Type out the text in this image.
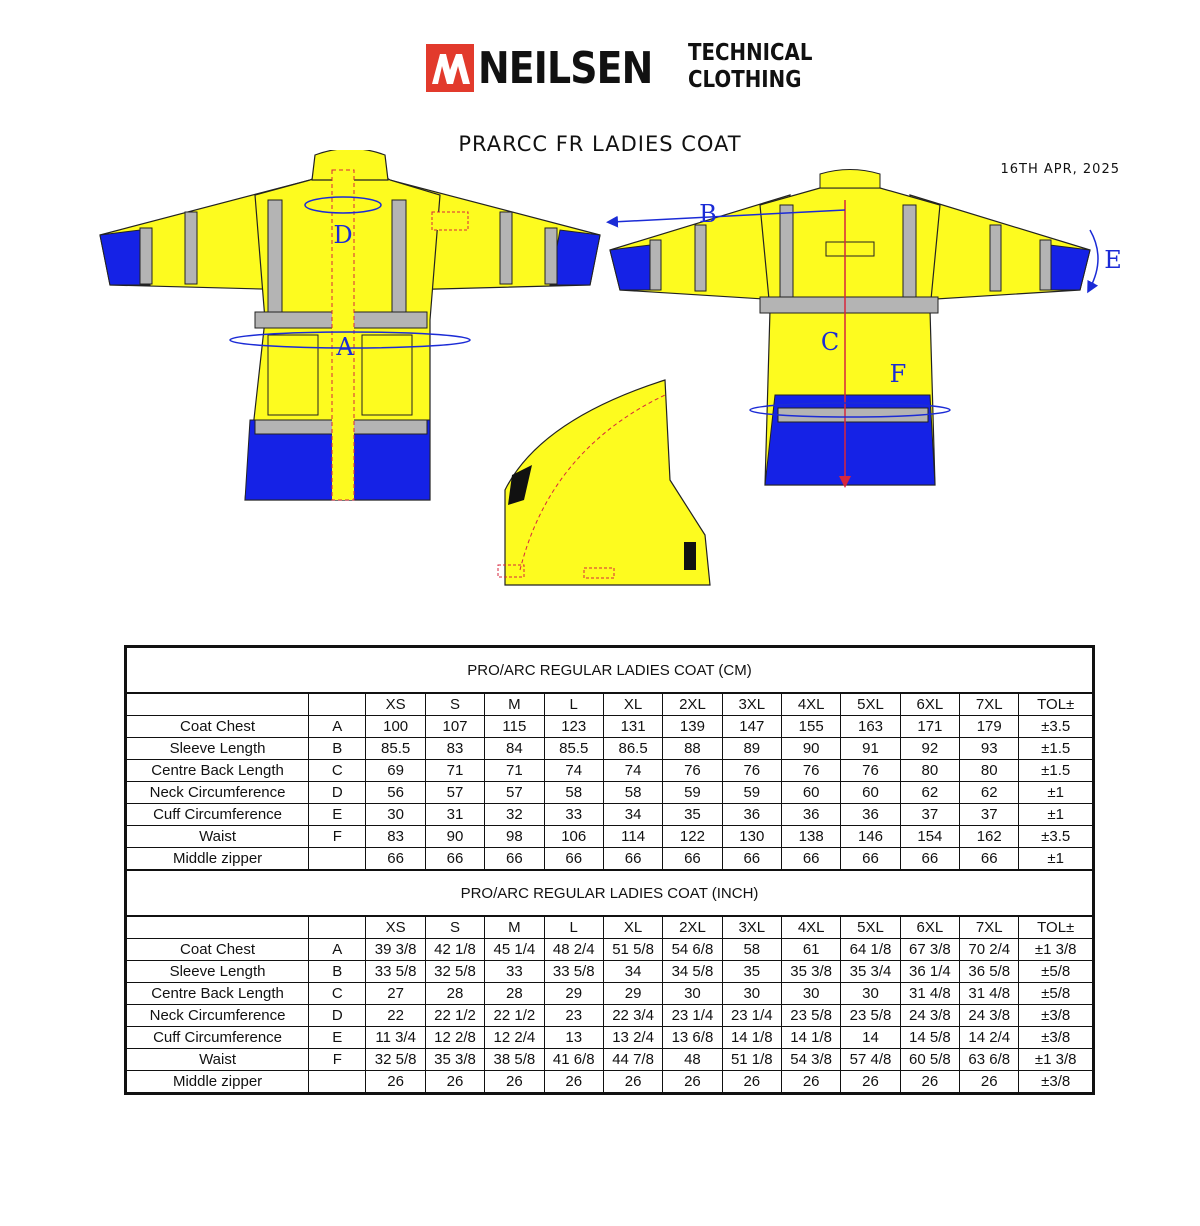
NEILSEN TECHNICAL
CLOTHING
PRARCC FR LADIES COAT
16TH APR, 2025
D
A
B
C
F
E
PRO/ARC REGULAR LADIES COAT (CM)													
		XS	S	M	L	XL	2XL	3XL	4XL	5XL	6XL	7XL	TOL±
Coat Chest	A	100	107	115	123	131	139	147	155	163	171	179	±3.5
Sleeve Length	B	85.5	83	84	85.5	86.5	88	89	90	91	92	93	±1.5
Centre Back Length	C	69	71	71	74	74	76	76	76	76	80	80	±1.5
Neck Circumference	D	56	57	57	58	58	59	59	60	60	62	62	±1
Cuff Circumference	E	30	31	32	33	34	35	36	36	36	37	37	±1
Waist	F	83	90	98	106	114	122	130	138	146	154	162	±3.5
Middle zipper		66	66	66	66	66	66	66	66	66	66	66	±1
PRO/ARC REGULAR LADIES COAT (INCH)													
		XS	S	M	L	XL	2XL	3XL	4XL	5XL	6XL	7XL	TOL±
Coat Chest	A	39 3/8	42 1/8	45 1/4	48 2/4	51 5/8	54 6/8	58	61	64 1/8	67 3/8	70 2/4	±1 3/8
Sleeve Length	B	33 5/8	32 5/8	33	33 5/8	34	34 5/8	35	35 3/8	35 3/4	36 1/4	36 5/8	±5/8
Centre Back Length	C	27	28	28	29	29	30	30	30	30	31 4/8	31 4/8	±5/8
Neck Circumference	D	22	22 1/2	22 1/2	23	22 3/4	23 1/4	23 1/4	23 5/8	23 5/8	24 3/8	24 3/8	±3/8
Cuff Circumference	E	11 3/4	12 2/8	12 2/4	13	13 2/4	13 6/8	14 1/8	14 1/8	14	14 5/8	14 2/4	±3/8
Waist	F	32 5/8	35 3/8	38 5/8	41 6/8	44 7/8	48	51 1/8	54 3/8	57 4/8	60 5/8	63 6/8	±1 3/8
Middle zipper		26	26	26	26	26	26	26	26	26	26	26	±3/8
